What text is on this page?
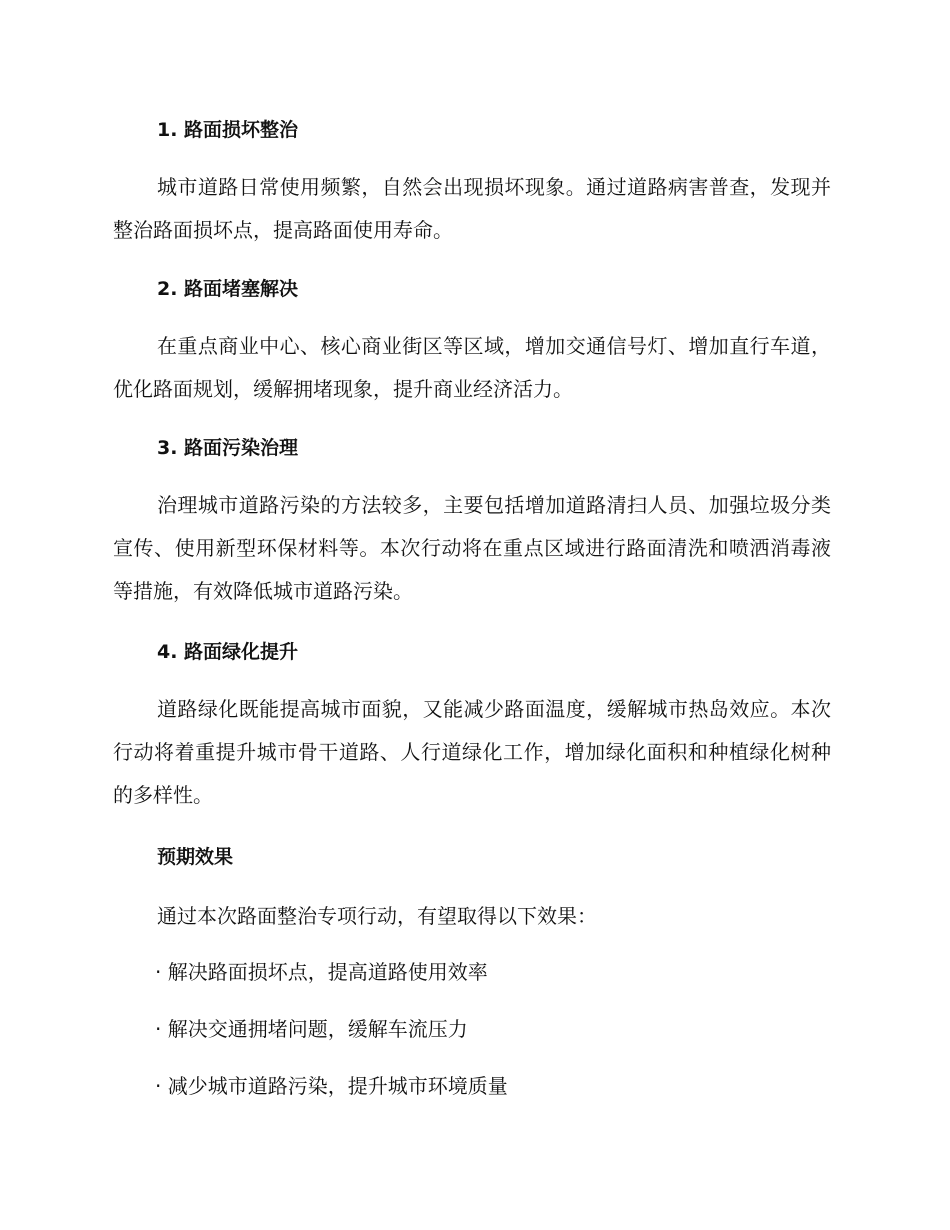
1. 路面损坏整治
城市道路日常使用频繁，自然会出现损坏现象。通过道路病害普查，发现并整治路面损坏点，提高路面使用寿命。
2. 路面堵塞解决
在重点商业中心、核心商业街区等区域，增加交通信号灯、增加直行车道，优化路面规划，缓解拥堵现象，提升商业经济活力。
3. 路面污染治理
治理城市道路污染的方法较多，主要包括增加道路清扫人员、加强垃圾分类宣传、使用新型环保材料等。本次行动将在重点区域进行路面清洗和喷洒消毒液等措施，有效降低城市道路污染。
4. 路面绿化提升
道路绿化既能提高城市面貌，又能减少路面温度，缓解城市热岛效应。本次行动将着重提升城市骨干道路、人行道绿化工作，增加绿化面积和种植绿化树种的多样性。
预期效果
通过本次路面整治专项行动，有望取得以下效果：
· 解决路面损坏点，提高道路使用效率
· 解决交通拥堵问题，缓解车流压力
· 减少城市道路污染，提升城市环境质量
